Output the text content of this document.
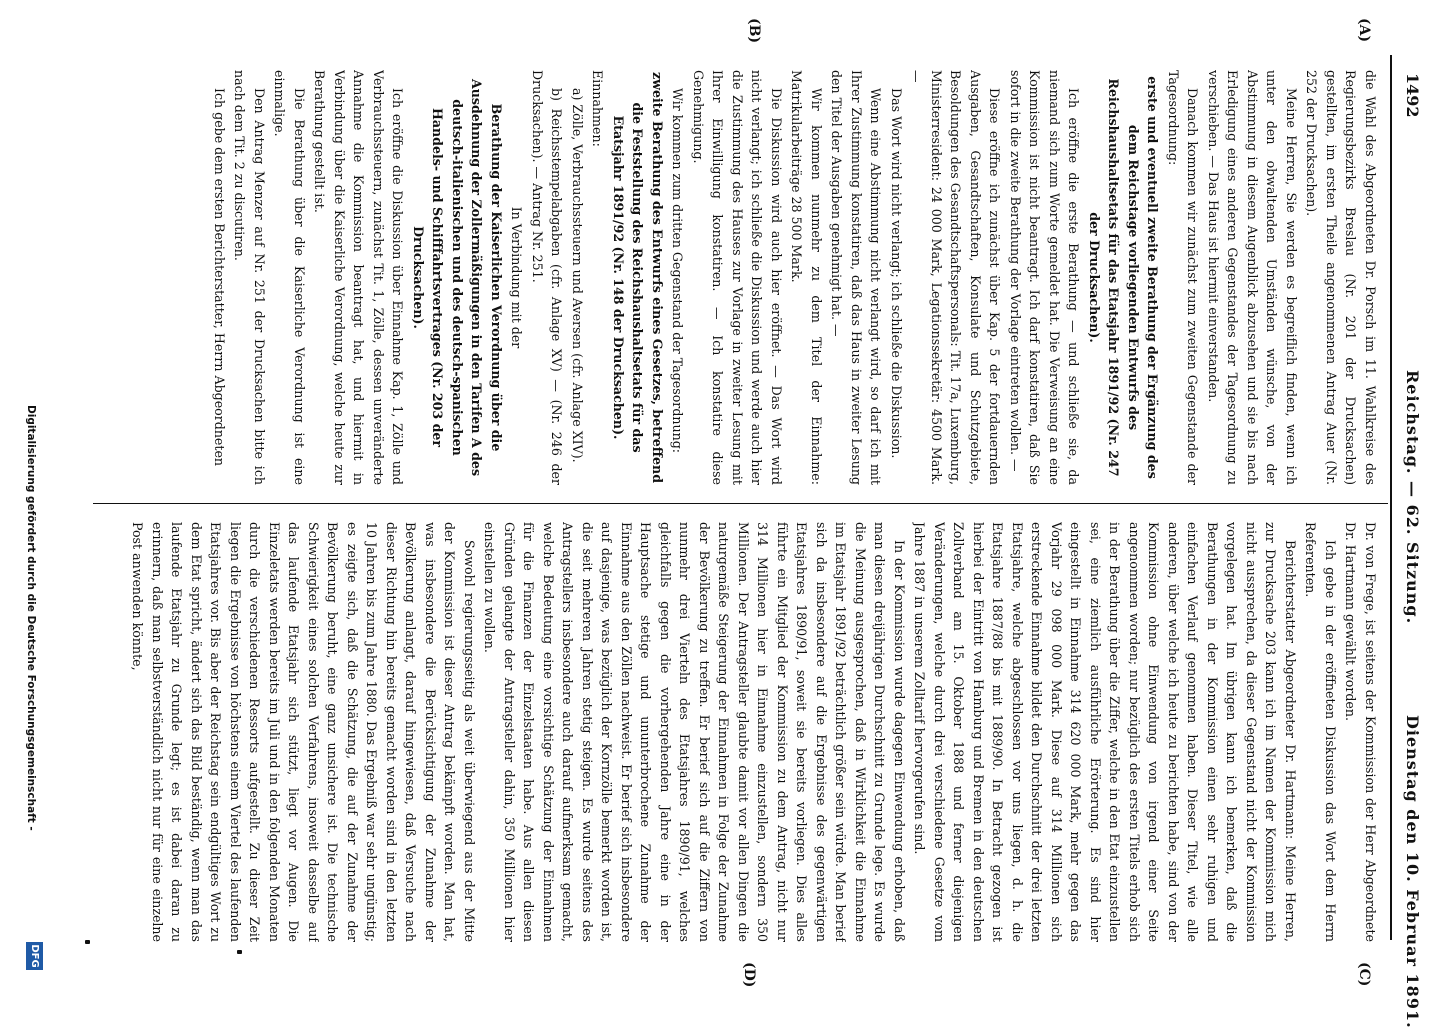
1492
Reichstag. — 62. Sitzung.
Dienstag den 10. Februar 1891.
(A)
(B)
(C)
(D)

die Wahl des Abgeordneten Dr. Porsch im 11. Wahlkreise des Regierungsbezirks Breslau (Nr. 201 der Drucksachen) gestellten, im ersten Theile angenommenen Antrag Auer (Nr. 252 der Drucksachen).

Meine Herren, Sie werden es begreiflich finden, wenn ich unter den obwaltenden Umständen wünsche, von der Abstimmung in diesem Augenblick abzusehen und sie bis nach Erledigung eines anderen Gegenstandes der Tagesordnung zu verschieben. — Das Haus ist hiermit einverstanden.

Danach kommen wir zunächst zum zweiten Gegenstande der Tagesordnung:

erste und eventuell zweite Berathung der Ergänzung des dem Reichstage vorliegenden Entwurfs des Reichshaushaltsetats für das Etatsjahr 1891/92 (Nr. 247 der Drucksachen).

Ich eröffne die erste Berathung — und schließe sie, da niemand sich zum Worte gemeldet hat. Die Verweisung an eine Kommission ist nicht beantragt. Ich darf konstatiren, daß Sie sofort in die zweite Berathung der Vorlage eintreten wollen. —

Diese eröffne ich zunächst über Kap. 5 der fortdauernden Ausgaben, Gesandtschaften, Konsulate und Schutzgebiete, Besoldungen des Gesandtschaftspersonals: Tit. 17a, Luxemburg, Ministerresident: 24 000 Mark, Legationssekretär: 4500 Mark. —

Das Wort wird nicht verlangt; ich schließe die Diskussion.

Wenn eine Abstimmung nicht verlangt wird, so darf ich mit Ihrer Zustimmung konstatiren, daß das Haus in zweiter Lesung den Titel der Ausgaben genehmigt hat. —

Wir kommen nunmehr zu dem Titel der Einnahme: Matrikularbeiträge 28 500 Mark.

Die Diskussion wird auch hier eröffnet. — Das Wort wird nicht verlangt; ich schließe die Diskussion und werde auch hier die Zustimmung des Hauses zur Vorlage in zweiter Lesung mit Ihrer Einwilligung konstatiren. — Ich konstatire diese Genehmigung.

Wir kommen zum dritten Gegenstand der Tagesordnung:

zweite Berathung des Entwurfs eines Gesetzes, betreffend die Feststellung des Reichshaushaltsetats für das Etatsjahr 1891/92 (Nr. 148 der Drucksachen).

Einnahmen:

a) Zölle, Verbrauchssteuern und Aversen (cfr. Anlage XIV).

b) Reichsstempelabgaben (cfr. Anlage XV) — (Nr. 246 der Drucksachen). — Antrag Nr. 251.

In Verbindung mit der

Berathung der Kaiserlichen Verordnung über die Ausdehnung der Zollermäßigungen in den Tarifen A des deutsch-italienischen und des deutsch-spanischen Handels- und Schifffahrtsvertrages (Nr. 203 der Drucksachen).

Ich eröffne die Diskussion über Einnahme Kap. 1, Zölle und Verbrauchssteuern, zunächst Tit. 1, Zölle, dessen unveränderte Annahme die Kommission beantragt hat, und hiermit in Verbindung über die Kaiserliche Verordnung, welche heute zur Berathung gestellt ist.

Die Berathung über die Kaiserliche Verordnung ist eine einmalige.

Den Antrag Menzer auf Nr. 251 der Drucksachen bitte ich nach dem Tit. 2 zu discutiren.

Ich gebe dem ersten Berichterstatter, Herrn Abgeordneten

Dr. von Frege, ist seitens der Kommission der Herr Abgeordnete Dr. Hartmann gewählt worden.

Ich gebe in der eröffneten Diskussion das Wort dem Herrn Referenten.

Berichterstatter Abgeordneter Dr. Hartmann: Meine Herren, zur Drucksache 203 kann ich im Namen der Kommission mich nicht aussprechen, da dieser Gegenstand nicht der Kommission vorgelegen hat. Im übrigen kann ich bemerken, daß die Berathungen in der Kommission einen sehr ruhigen und einfachen Verlauf genommen haben. Dieser Titel, wie alle anderen, über welche ich heute zu berichten habe, sind von der Kommission ohne Einwendung von irgend einer Seite angenommen worden; nur bezüglich des ersten Titels erhob sich in der Berathung über die Ziffer, welche in den Etat einzustellen sei, eine ziemlich ausführliche Erörterung. Es sind hier eingestellt in Einnahme 314 620 000 Mark, mehr gegen das Vorjahr 29 098 000 Mark. Diese auf 314 Millionen sich erstreckende Einnahme bildet den Durchschnitt der drei letzten Etatsjahre, welche abgeschlossen vor uns liegen, d. h. die Etatsjahre 1887/88 bis mit 1889/90. In Betracht gezogen ist hierbei der Eintritt von Hamburg und Bremen in den deutschen Zollverband am 15. Oktober 1888 und ferner diejenigen Veränderungen, welche durch drei verschiedene Gesetze vom Jahre 1887 in unserem Zolltarif hervorgerufen sind.

In der Kommission wurde dagegen Einwendung erhoben, daß man diesen dreijährigen Durchschnitt zu Grunde lege. Es wurde die Meinung ausgesprochen, daß in Wirklichkeit die Einnahme im Etatsjahr 1891/92 beträchtlich größer sein würde. Man berief sich da insbesondere auf die Ergebnisse des gegenwärtigen Etatsjahres 1890/91, soweit sie bereits vorliegen. Dies alles führte ein Mitglied der Kommission zu dem Antrag, nicht nur 314 Millionen hier in Einnahme einzustellen, sondern 350 Millionen. Der Antragsteller glaubte damit vor allen Dingen die naturgemäße Steigerung der Einnahmen in Folge der Zunahme der Bevölkerung zu treffen. Er berief sich auf die Ziffern von nunmehr drei Vierteln des Etatsjahres 1890/91, welches gleichfalls gegen die vorhergehenden Jahre eine in der Hauptsache stetige und ununterbrochene Zunahme der Einnahme aus den Zöllen nachweist. Er berief sich insbesondere auf dasjenige, was bezüglich der Kornzölle bemerkt worden ist, die seit mehreren Jahren stetig steigen. Es wurde seitens des Antragstellers insbesondere auch darauf aufmerksam gemacht, welche Bedeutung eine vorsichtige Schätzung der Einnahmen für die Finanzen der Einzelstaaten habe. Aus allen diesen Gründen gelangte der Antragsteller dahin, 350 Millionen hier einstellen zu wollen.

Sowohl regierungsseitig als weit überwiegend aus der Mitte der Kommission ist dieser Antrag bekämpft worden. Man hat, was insbesondere die Berücksichtigung der Zunahme der Bevölkerung anlangt, darauf hingewiesen, daß Versuche nach dieser Richtung hin bereits gemacht worden sind in den letzten 10 Jahren bis zum Jahre 1880. Das Ergebniß war sehr ungünstig; es zeigte sich, daß die Schätzung, die auf der Zunahme der Bevölkerung beruht, eine ganz unsichere ist. Die technische Schwierigkeit eines solchen Verfahrens, insoweit dasselbe auf das laufende Etatsjahr sich stützt, liegt vor Augen. Die Einzeletats werden bereits im Juli und in den folgenden Monaten durch die verschiedenen Ressorts aufgestellt. Zu dieser Zeit liegen die Ergebnisse von höchstens einem Viertel des laufenden Etatsjahres vor. Bis aber der Reichstag sein endgültiges Wort zu dem Etat spricht, ändert sich das Bild beständig, wenn man das laufende Etatsjahr zu Grunde legt; es ist dabei daran zu erinnern, daß man selbstverständlich nicht nur für eine einzelne Post anwenden könnte,

Digitalisierung gefördert durch die Deutsche Forschungsgemeinschaft -
DFG
